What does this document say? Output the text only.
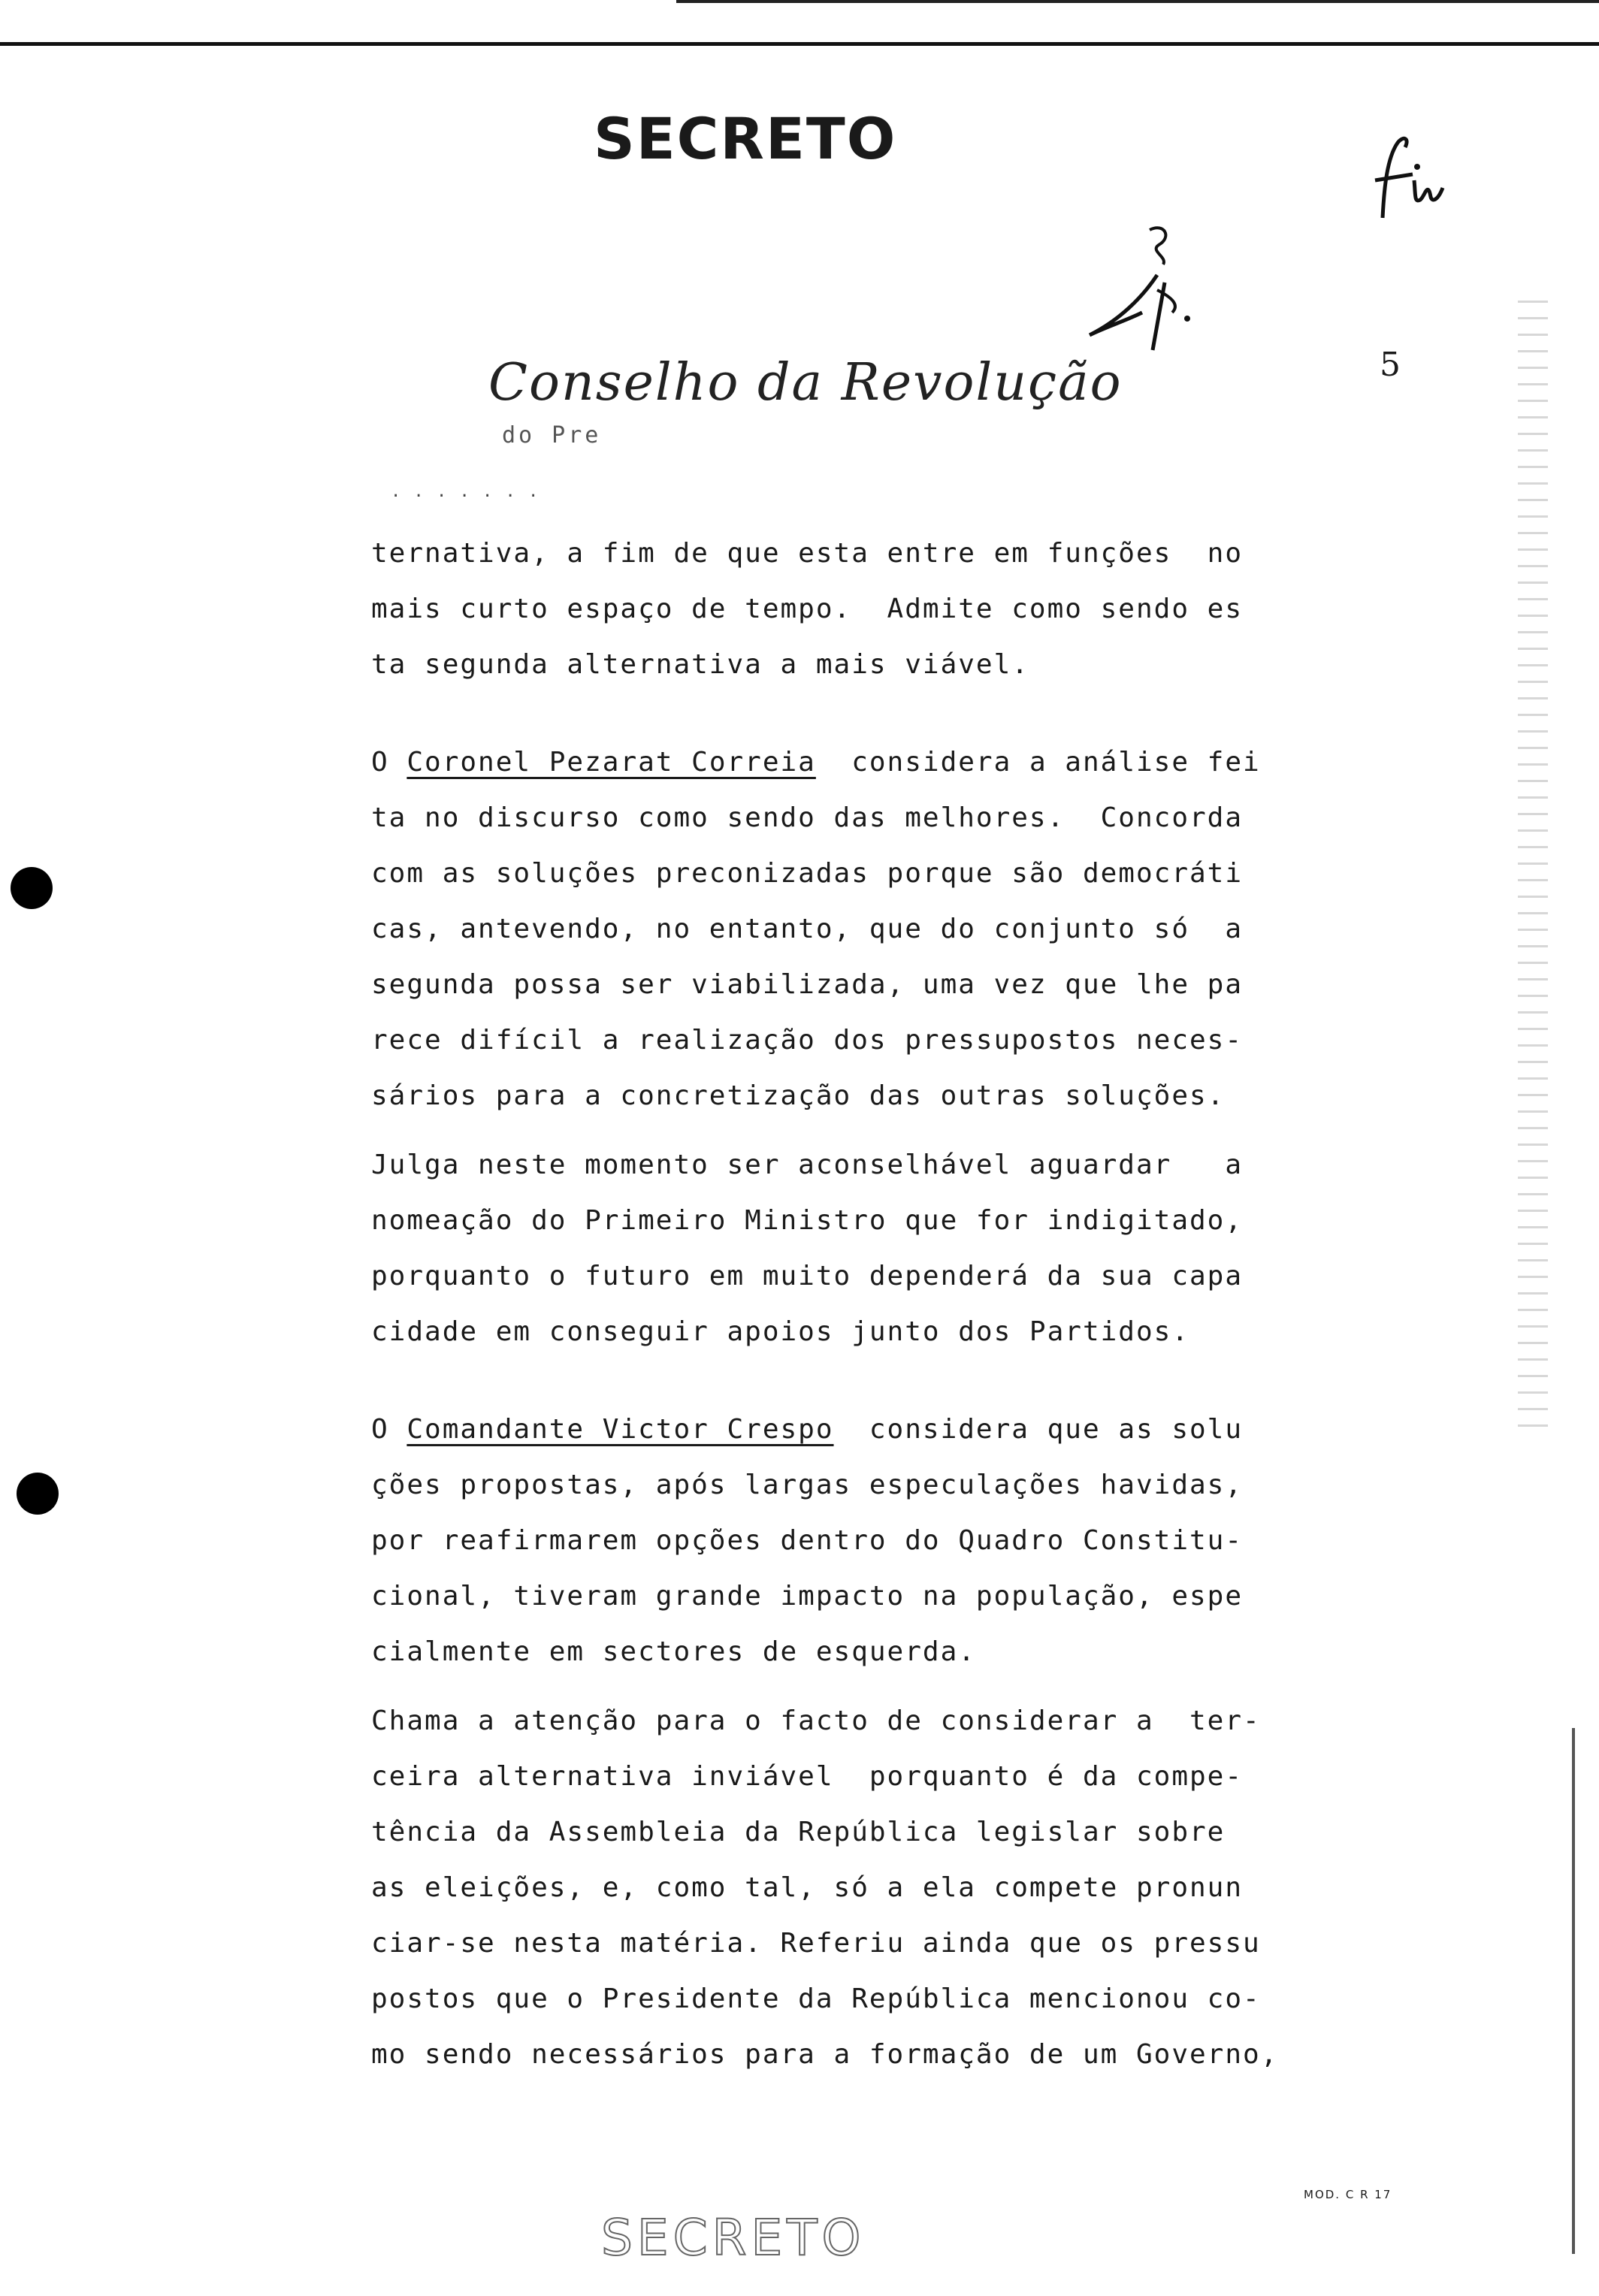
SECRETO
5
Conselho da Revolução
do Pre
. . . . . . .
ternativa, a fim de que esta entre em funções  no
mais curto espaço de tempo.  Admite como sendo es
ta segunda alternativa a mais viável.
O Coronel Pezarat Correia  considera a análise fei
ta no discurso como sendo das melhores.  Concorda
com as soluções preconizadas porque são democráti
cas, antevendo, no entanto, que do conjunto só  a
segunda possa ser viabilizada, uma vez que lhe pa
rece difícil a realização dos pressupostos neces-
sários para a concretização das outras soluções.
Julga neste momento ser aconselhável aguardar   a
nomeação do Primeiro Ministro que for indigitado,
porquanto o futuro em muito dependerá da sua capa
cidade em conseguir apoios junto dos Partidos.
O Comandante Victor Crespo  considera que as solu
ções propostas, após largas especulações havidas,
por reafirmarem opções dentro do Quadro Constitu-
cional, tiveram grande impacto na população, espe
cialmente em sectores de esquerda.
Chama a atenção para o facto de considerar a  ter-
ceira alternativa inviável  porquanto é da compe-
tência da Assembleia da República legislar sobre
as eleições, e, como tal, só a ela compete pronun
ciar-se nesta matéria. Referiu ainda que os pressu
postos que o Presidente da República mencionou co-
mo sendo necessários para a formação de um Governo,
MOD. C R 17
SECRETO
